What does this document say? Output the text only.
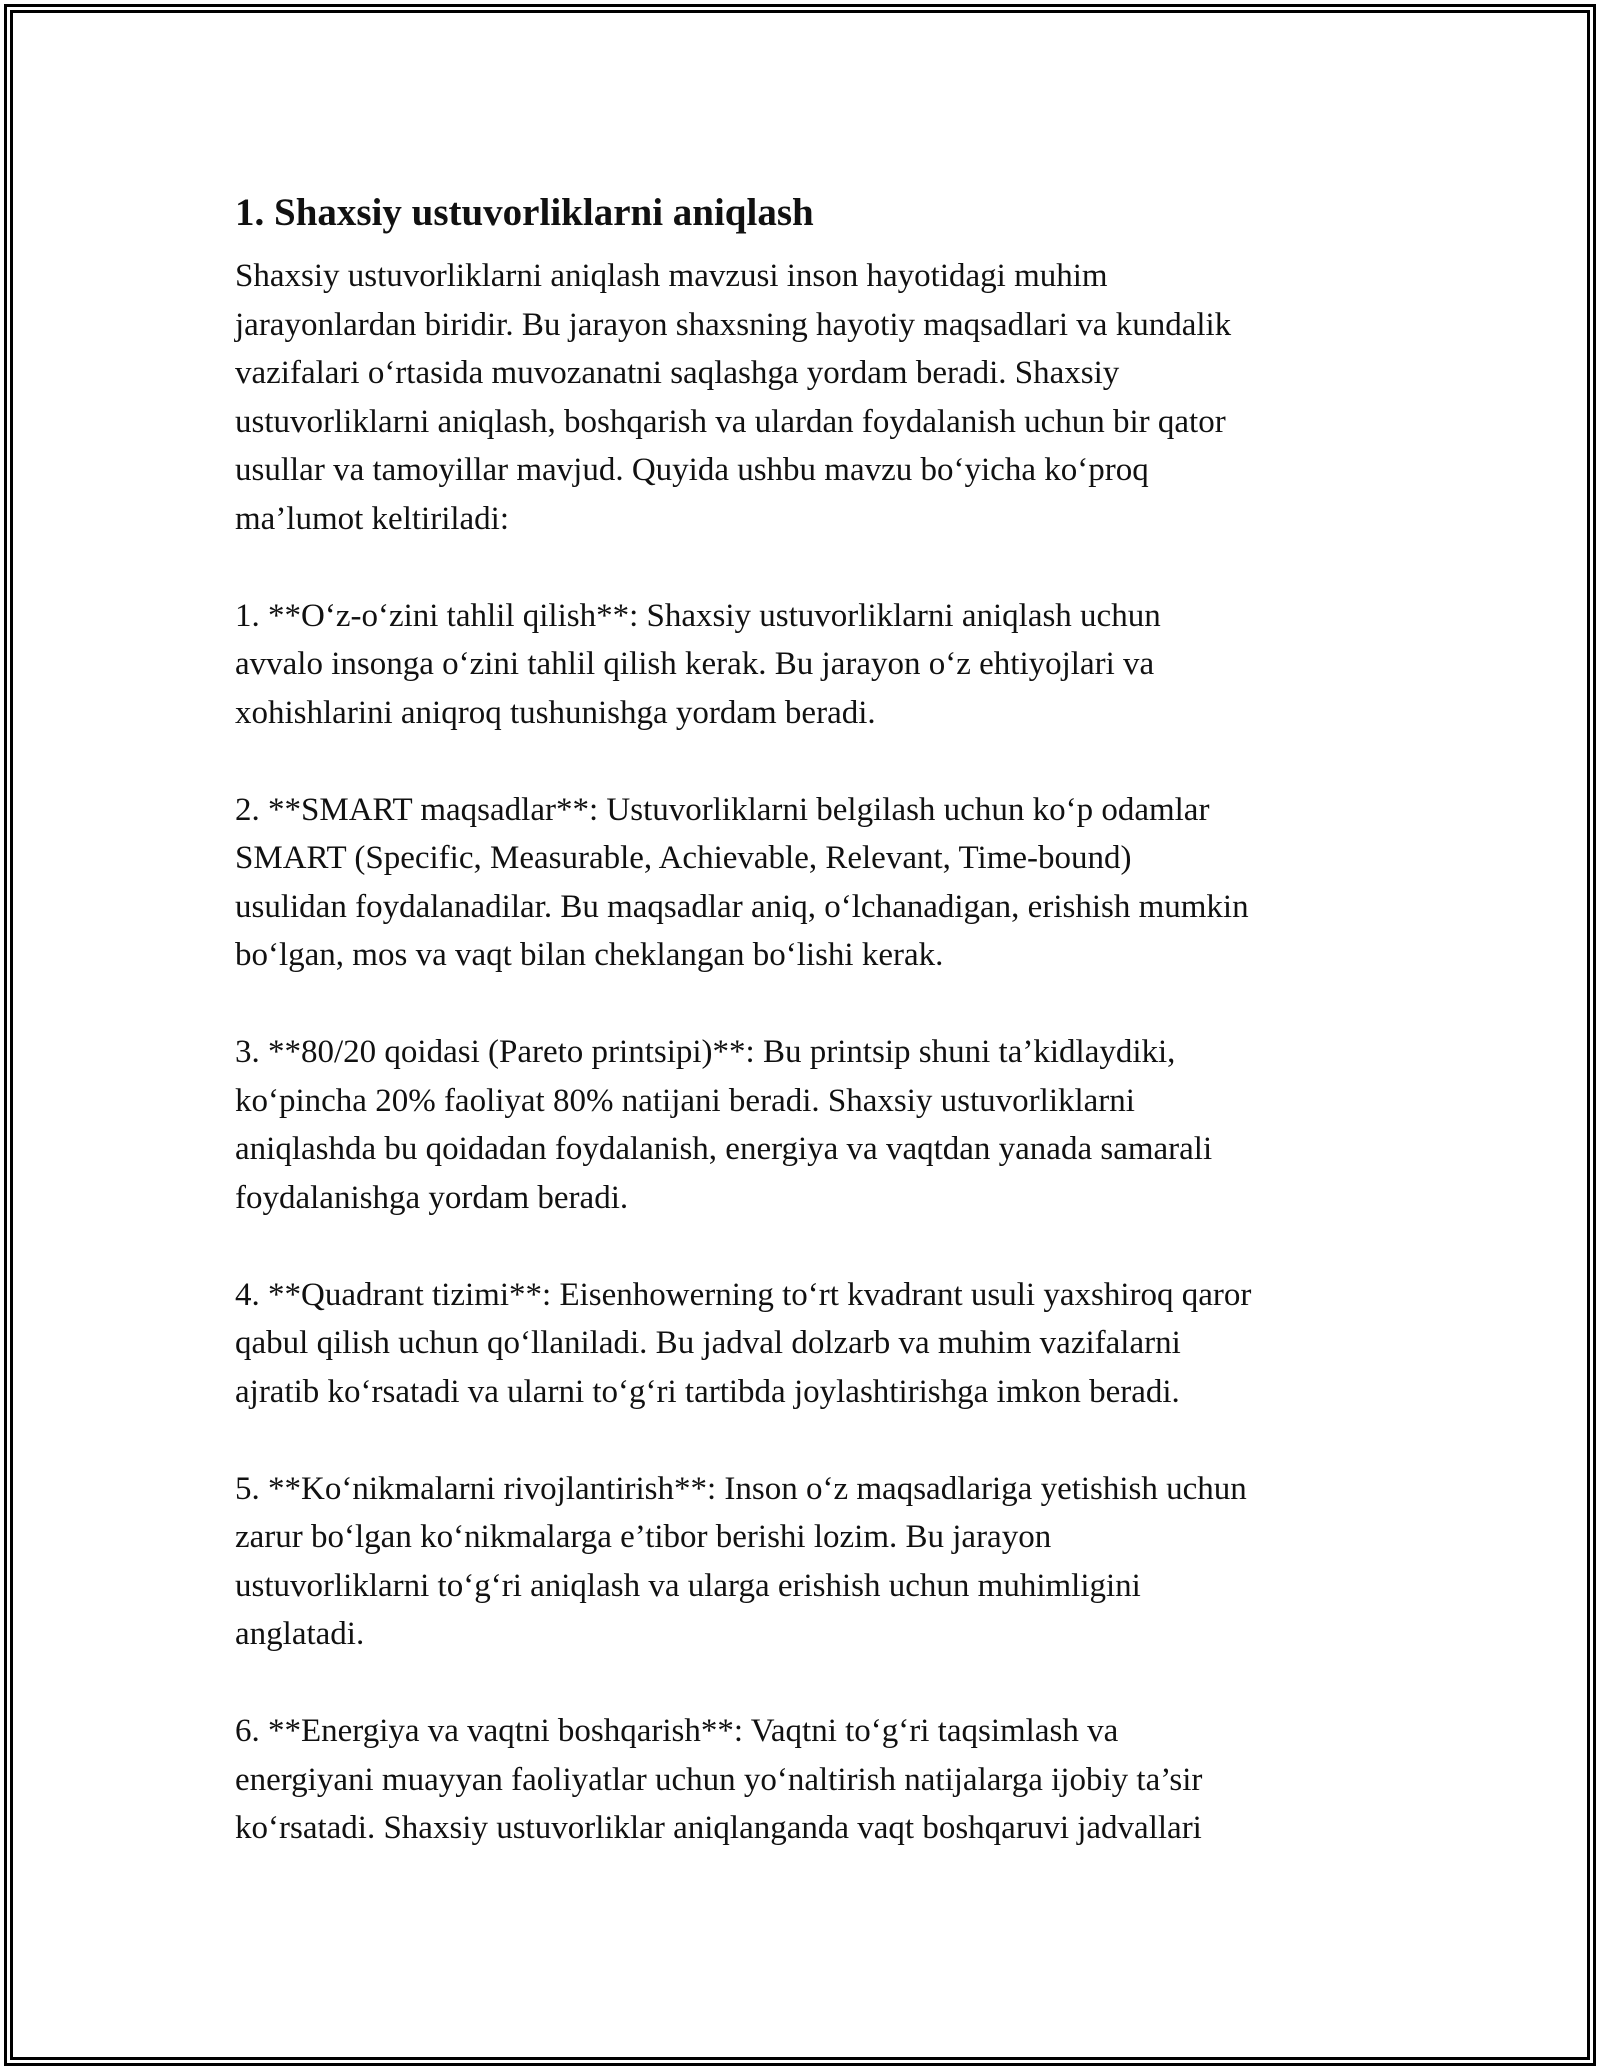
1. Shaxsiy ustuvorliklarni aniqlash

Shaxsiy ustuvorliklarni aniqlash mavzusi inson hayotidagi muhim
jarayonlardan biridir. Bu jarayon shaxsning hayotiy maqsadlari va kundalik
vazifalari o‘rtasida muvozanatni saqlashga yordam beradi. Shaxsiy
ustuvorliklarni aniqlash, boshqarish va ulardan foydalanish uchun bir qator
usullar va tamoyillar mavjud. Quyida ushbu mavzu bo‘yicha ko‘proq
ma’lumot keltiriladi:

1. **O‘z-o‘zini tahlil qilish**: Shaxsiy ustuvorliklarni aniqlash uchun
avvalo insonga o‘zini tahlil qilish kerak. Bu jarayon o‘z ehtiyojlari va
xohishlarini aniqroq tushunishga yordam beradi.

2. **SMART maqsadlar**: Ustuvorliklarni belgilash uchun ko‘p odamlar
SMART (Specific, Measurable, Achievable, Relevant, Time-bound)
usulidan foydalanadilar. Bu maqsadlar aniq, o‘lchanadigan, erishish mumkin
bo‘lgan, mos va vaqt bilan cheklangan bo‘lishi kerak.

3. **80/20 qoidasi (Pareto printsipi)**: Bu printsip shuni ta’kidlaydiki,
ko‘pincha 20% faoliyat 80% natijani beradi. Shaxsiy ustuvorliklarni
aniqlashda bu qoidadan foydalanish, energiya va vaqtdan yanada samarali
foydalanishga yordam beradi.

4. **Quadrant tizimi**: Eisenhowerning to‘rt kvadrant usuli yaxshiroq qaror
qabul qilish uchun qo‘llaniladi. Bu jadval dolzarb va muhim vazifalarni
ajratib ko‘rsatadi va ularni to‘g‘ri tartibda joylashtirishga imkon beradi.

5. **Ko‘nikmalarni rivojlantirish**: Inson o‘z maqsadlariga yetishish uchun
zarur bo‘lgan ko‘nikmalarga e’tibor berishi lozim. Bu jarayon
ustuvorliklarni to‘g‘ri aniqlash va ularga erishish uchun muhimligini
anglatadi.

6. **Energiya va vaqtni boshqarish**: Vaqtni to‘g‘ri taqsimlash va
energiyani muayyan faoliyatlar uchun yo‘naltirish natijalarga ijobiy ta’sir
ko‘rsatadi. Shaxsiy ustuvorliklar aniqlanganda vaqt boshqaruvi jadvallari
